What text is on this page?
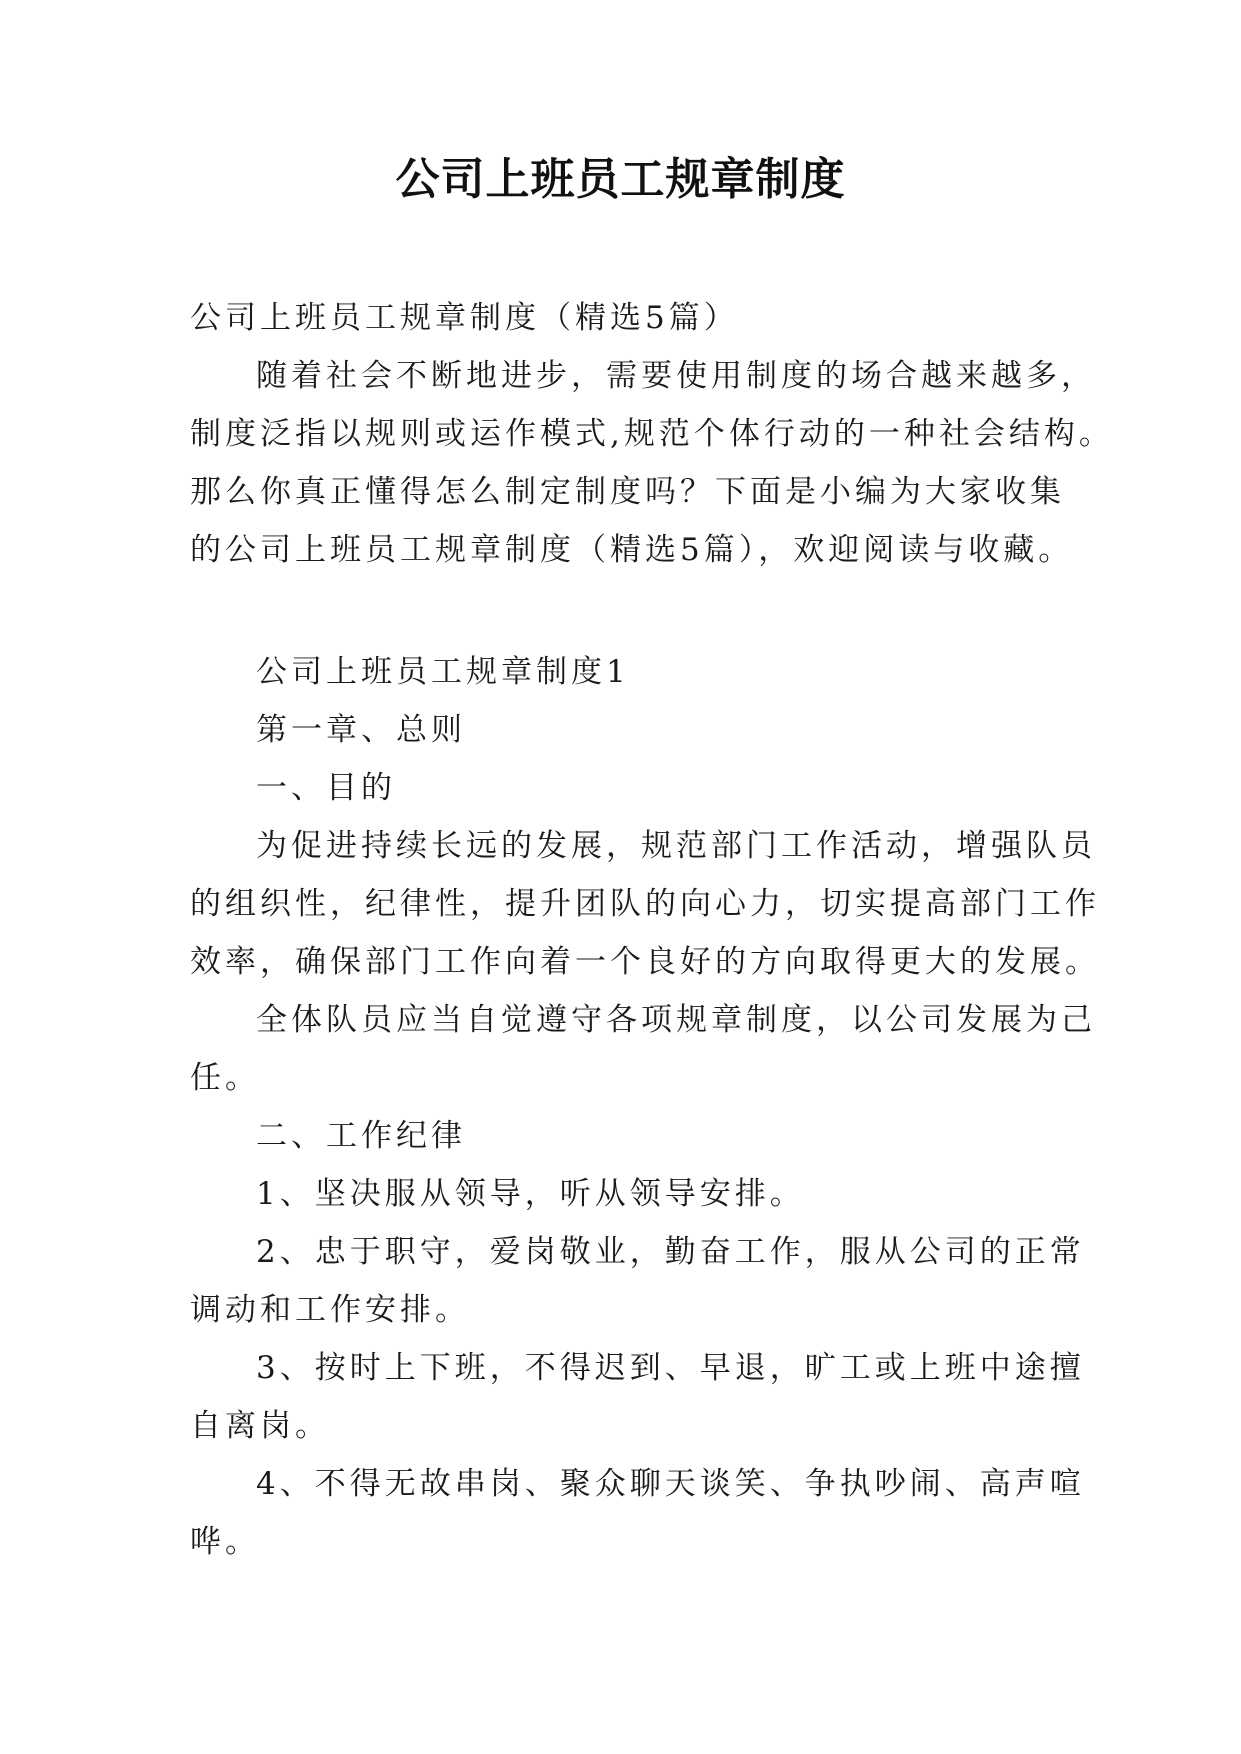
公司上班员工规章制度

公司上班员工规章制度（精选5篇）

随着社会不断地进步，需要使用制度的场合越来越多，

制度泛指以规则或运作模式,规范个体行动的一种社会结构。

那么你真正懂得怎么制定制度吗？下面是小编为大家收集

的公司上班员工规章制度（精选5篇），欢迎阅读与收藏。

公司上班员工规章制度1

第一章、总则

一、目的

为促进持续长远的发展，规范部门工作活动，增强队员

的组织性，纪律性，提升团队的向心力，切实提高部门工作

效率，确保部门工作向着一个良好的方向取得更大的发展。

全体队员应当自觉遵守各项规章制度，以公司发展为己

任。

二、工作纪律

1、坚决服从领导，听从领导安排。

2、忠于职守，爱岗敬业，勤奋工作，服从公司的正常

调动和工作安排。

3、按时上下班，不得迟到、早退，旷工或上班中途擅

自离岗。

4、不得无故串岗、聚众聊天谈笑、争执吵闹、高声喧

哗。
